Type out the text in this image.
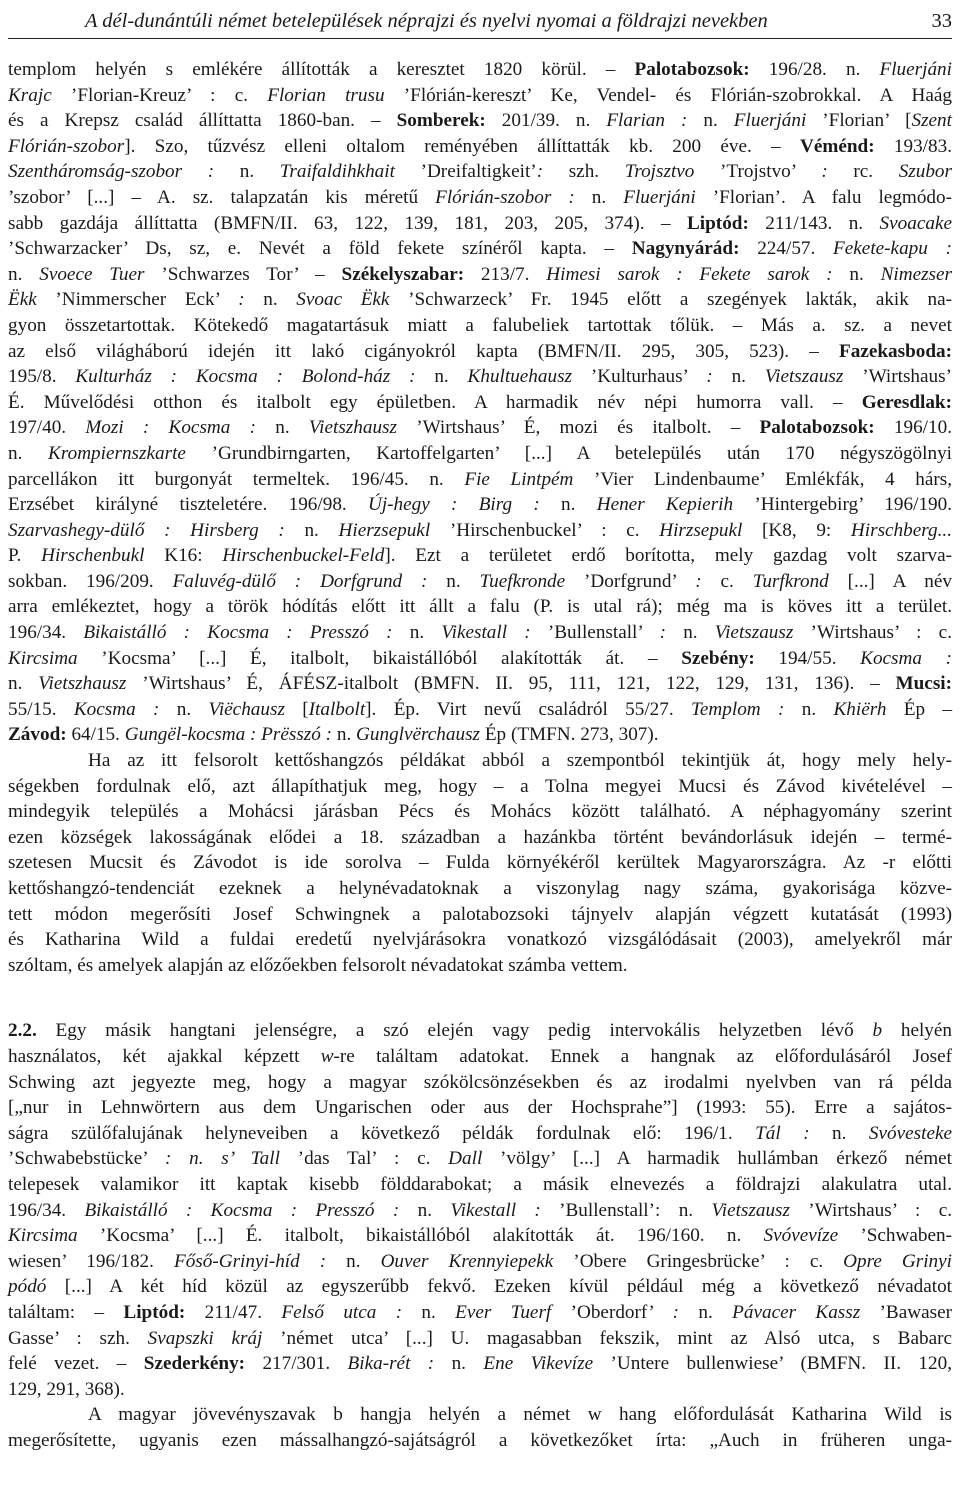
A dél-dunántúli német betelepülések néprajzi és nyelvi nyomai a földrajzi nevekben	33
templom helyén s emlékére állították a keresztet 1820 körül. – Palotabozsok: 196/28. n. Fluerjáni
Krajc ’Florian-Kreuz’ : c. Florian trusu ’Flórián-kereszt’ Ke, Vendel- és Flórián-szobrokkal. A Haág
és a Krepsz család állíttatta 1860-ban. – Somberek: 201/39. n. Flarian : n. Fluerjáni ’Florian’ [Szent
Flórián-szobor]. Szo, tűzvész elleni oltalom reményében állíttatták kb. 200 éve. – Véménd: 193/83.
Szentháromság-szobor : n. Traifaldihkhait ’Dreifaltigkeit’: szh. Trojsztvo ’Trojstvo’ : rc. Szubor
’szobor’ [...] – A. sz. talapzatán kis méretű Flórián-szobor : n. Fluerjáni ’Florian’. A falu legmódo-
sabb gazdája állíttatta (BMFN/II. 63, 122, 139, 181, 203, 205, 374). – Liptód: 211/143. n. Svoacake
’Schwarzacker’ Ds, sz, e. Nevét a föld fekete színéről kapta. – Nagynyárád: 224/57. Fekete-kapu :
n. Svoece Tuer ’Schwarzes Tor’ – Székelyszabar: 213/7. Himesi sarok : Fekete sarok : n. Nimezser
Ëkk ’Nimmerscher Eck’ : n. Svoac Ëkk ’Schwarzeck’ Fr. 1945 előtt a szegények lakták, akik na-
gyon összetartottak. Kötekedő magatartásuk miatt a falubeliek tartottak tőlük. – Más a. sz. a nevet
az első világháború idején itt lakó cigányokról kapta (BMFN/II. 295, 305, 523). – Fazekasboda:
195/8. Kulturház : Kocsma : Bolond-ház : n. Khultuehausz ’Kulturhaus’ : n. Vietszausz ’Wirtshaus’
É. Művelődési otthon és italbolt egy épületben. A harmadik név népi humorra vall. – Geresdlak:
197/40. Mozi : Kocsma : n. Vietszhausz ’Wirtshaus’ É, mozi és italbolt. – Palotabozsok: 196/10.
n. Krompiernszkarte ’Grundbirngarten, Kartoffelgarten’ [...] A betelepülés után 170 négyszögölnyi
parcellákon itt burgonyát termeltek. 196/45. n. Fie Lintpém ’Vier Lindenbaume’ Emlékfák, 4 hárs,
Erzsébet királyné tiszteletére. 196/98. Új-hegy : Birg : n. Hener Kepierih ’Hintergebirg’ 196/190.
Szarvashegy-dülő : Hirsberg : n. Hierzsepukl ’Hirschenbuckel’ : c. Hirzsepukl [K8, 9: Hirschberg...
P. Hirschenbukl K16: Hirschenbuckel-Feld]. Ezt a területet erdő borította, mely gazdag volt szarva-
sokban. 196/209. Faluvég-dülő : Dorfgrund : n. Tuefkronde ’Dorfgrund’ : c. Turfkrond [...] A név
arra emlékeztet, hogy a török hódítás előtt itt állt a falu (P. is utal rá); még ma is köves itt a terület.
196/34. Bikaistálló : Kocsma : Presszó : n. Vikestall : ’Bullenstall’ : n. Vietszausz ’Wirtshaus’ : c.
Kircsima ’Kocsma’ [...] É, italbolt, bikaistállóból alakították át. – Szebény: 194/55. Kocsma :
n. Vietszhausz ’Wirtshaus’ É, ÁFÉSZ-italbolt (BMFN. II. 95, 111, 121, 122, 129, 131, 136). – Mucsi:
55/15. Kocsma : n. Viëchausz [Italbolt]. Ép. Virt nevű családról 55/27. Templom : n. Khiërh Ép –
Závod: 64/15. Gungël-kocsma : Prësszó : n. Gunglvërchausz Ép (TMFN. 273, 307).
Ha az itt felsorolt kettőshangzós példákat abból a szempontból tekintjük át, hogy mely hely-
ségekben fordulnak elő, azt állapíthatjuk meg, hogy – a Tolna megyei Mucsi és Závod kivételével –
mindegyik település a Mohácsi járásban Pécs és Mohács között található. A néphagyomány szerint
ezen községek lakosságának elődei a 18. században a hazánkba történt bevándorlásuk idején – termé-
szetesen Mucsit és Závodot is ide sorolva – Fulda környékéről kerültek Magyarországra. Az -r előtti
kettőshangzó-tendenciát ezeknek a helynévadatoknak a viszonylag nagy száma, gyakorisága közve-
tett módon megerősíti Josef Schwingnek a palotabozsoki tájnyelv alapján végzett kutatását (1993)
és Katharina Wild a fuldai eredetű nyelvjárásokra vonatkozó vizsgálódásait (2003), amelyekről már
szóltam, és amelyek alapján az előzőekben felsorolt névadatokat számba vettem.
2.2. Egy másik hangtani jelenségre, a szó elején vagy pedig intervokális helyzetben lévő b helyén
használatos, két ajakkal képzett w-re találtam adatokat. Ennek a hangnak az előfordulásáról Josef
Schwing azt jegyezte meg, hogy a magyar szókölcsönzésekben és az irodalmi nyelvben van rá példa
[„nur in Lehnwörtern aus dem Ungarischen oder aus der Hochsprahe”] (1993: 55). Erre a sajátos-
ságra szülőfalujának helyneveiben a következő példák fordulnak elő: 196/1. Tál : n. Svóvesteke
’Schwabebstücke’ : n. s’ Tall ’das Tal’ : c. Dall ’völgy’ [...] A harmadik hullámban érkező német
telepesek valamikor itt kaptak kisebb földdarabokat; a másik elnevezés a földrajzi alakulatra utal.
196/34. Bikaistálló : Kocsma : Presszó : n. Vikestall : ’Bullenstall’: n. Vietszausz ’Wirtshaus’ : c.
Kircsima ’Kocsma’ [...] É. italbolt, bikaistállóból alakították át. 196/160. n. Svóvevíze ’Schwaben-
wiesen’ 196/182. Főső-Grinyi-híd : n. Ouver Krennyiepekk ’Obere Gringesbrücke’ : c. Opre Grinyi
pódó [...] A két híd közül az egyszerűbb fekvő. Ezeken kívül például még a következő névadatot
találtam: – Liptód: 211/47. Felső utca : n. Ever Tuerf ’Oberdorf’ : n. Pávacer Kassz ’Bawaser
Gasse’ : szh. Svapszki kráj ’német utca’ [...] U. magasabban fekszik, mint az Alsó utca, s Babarc
felé vezet. – Szederkény: 217/301. Bika-rét : n. Ene Vikevíze ’Untere bullenwiese’ (BMFN. II. 120,
129, 291, 368).
A magyar jövevényszavak b hangja helyén a német w hang előfordulását Katharina Wild is
megerősítette, ugyanis ezen mássalhangzó-sajátságról a következőket írta: „Auch in früheren unga-
